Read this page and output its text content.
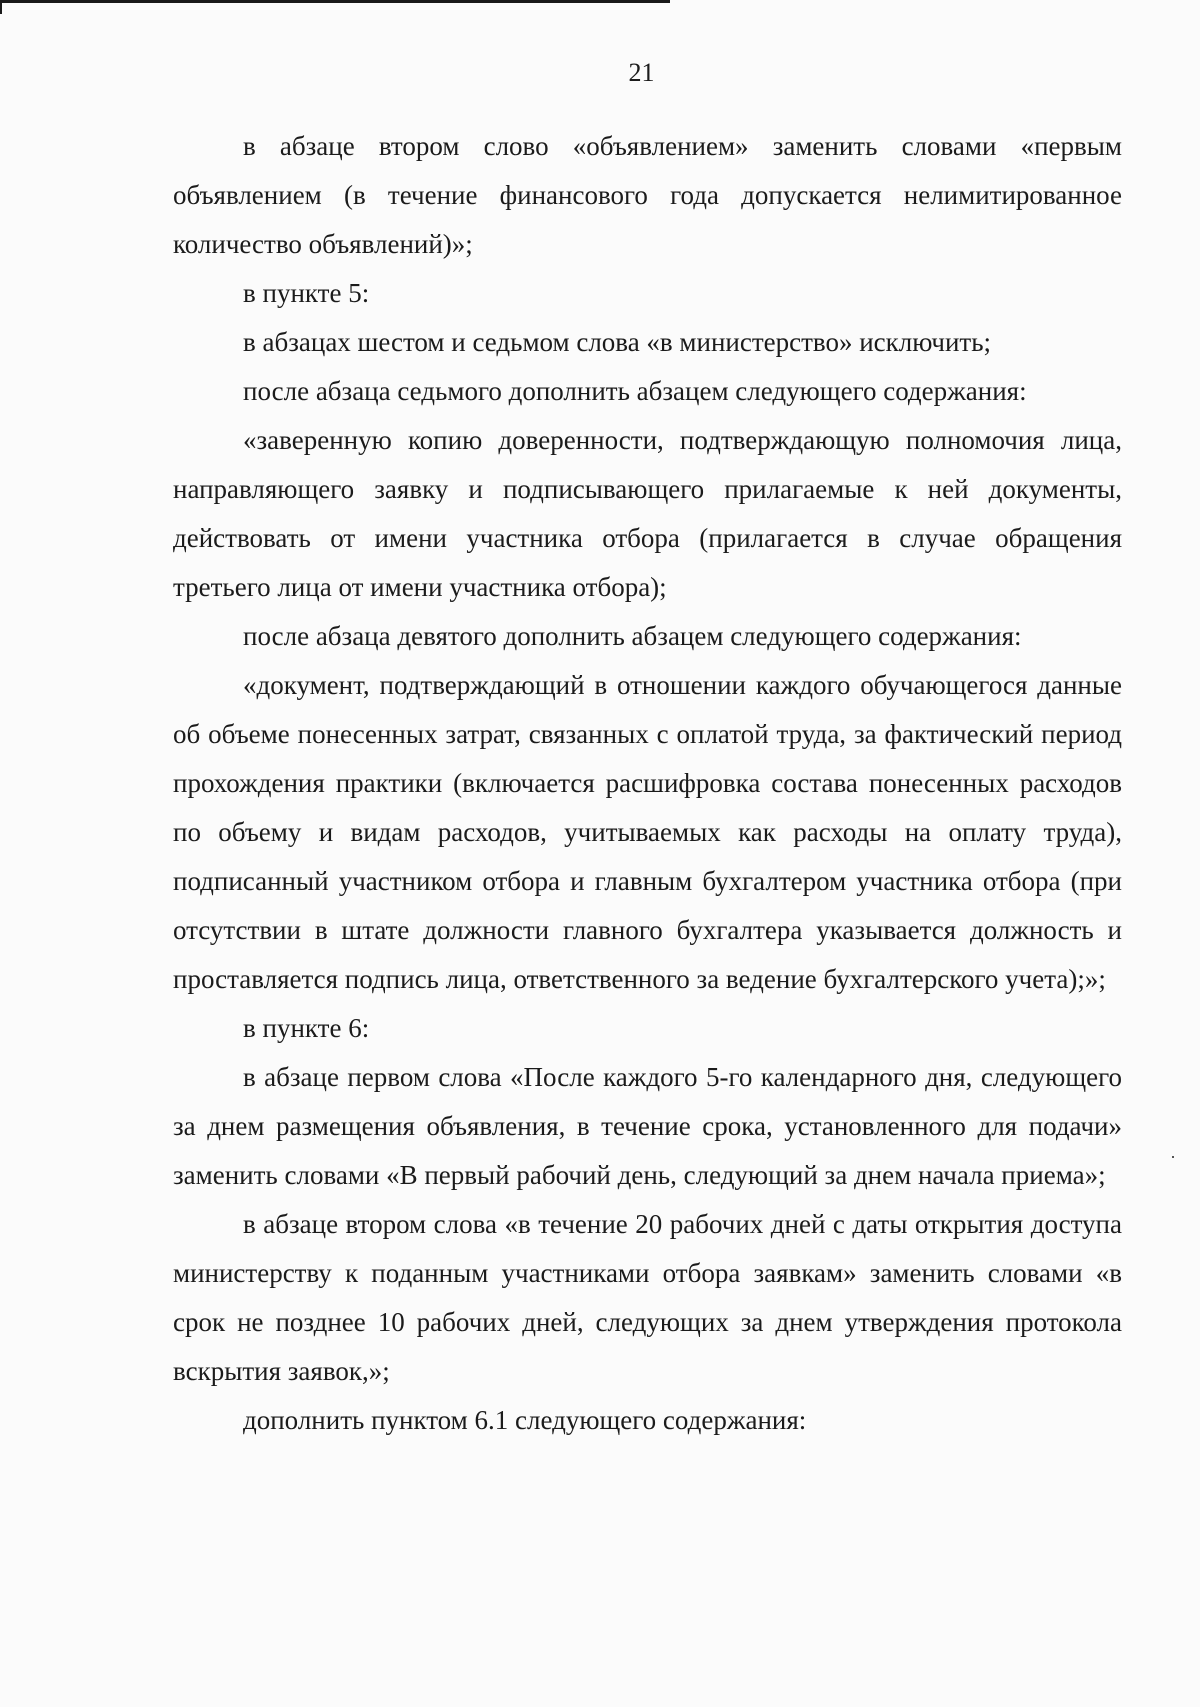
21

в абзаце втором слово «объявлением» заменить словами «первым объявлением (в течение финансового года допускается нелимитированное количество объявлений)»;

в пункте 5:

в абзацах шестом и седьмом слова «в министерство» исключить;

после абзаца седьмого дополнить абзацем следующего содержания:

«заверенную копию доверенности, подтверждающую полномочия лица, направляющего заявку и подписывающего прилагаемые к ней документы, действовать от имени участника отбора (прилагается в случае обращения третьего лица от имени участника отбора);

после абзаца девятого дополнить абзацем следующего содержания:

«документ, подтверждающий в отношении каждого обучающегося данные об объеме понесенных затрат, связанных с оплатой труда, за фактический период прохождения практики (включается расшифровка состава понесенных расходов по объему и видам расходов, учитываемых как расходы на оплату труда), подписанный участником отбора и главным бухгалтером участника отбора (при отсутствии в штате должности главного бухгалтера указывается должность и проставляется подпись лица, ответственного за ведение бухгалтерского учета);»;

в пункте 6:

в абзаце первом слова «После каждого 5-го календарного дня, следующего за днем размещения объявления, в течение срока, установленного для подачи» заменить словами «В первый рабочий день, следующий за днем начала приема»;

в абзаце втором слова «в течение 20 рабочих дней с даты открытия доступа министерству к поданным участниками отбора заявкам» заменить словами «в срок не позднее 10 рабочих дней, следующих за днем утверждения протокола вскрытия заявок,»;

дополнить пунктом 6.1 следующего содержания:
